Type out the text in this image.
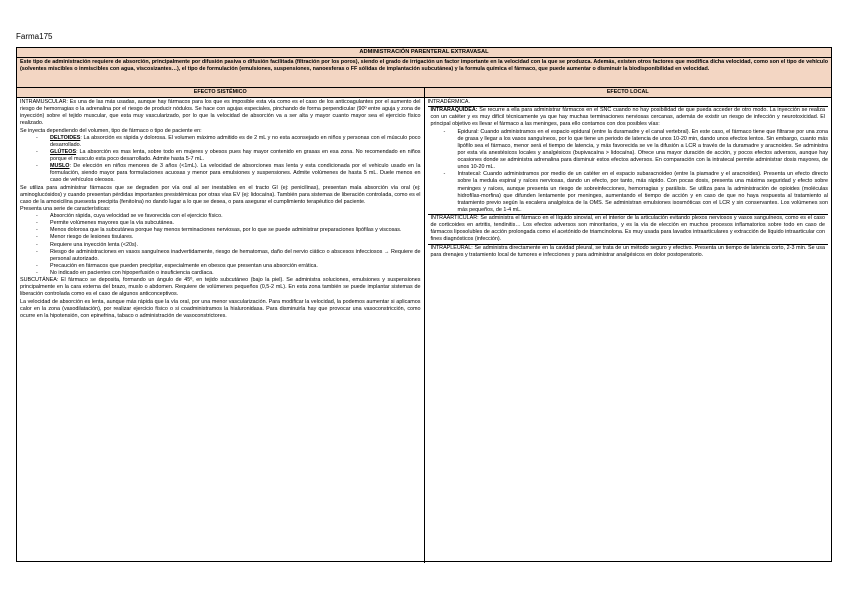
Farma175
ADMINISTRACIÓN PARENTERAL EXTRAVASAL
Este tipo de administración requiere de absorción, principalmente por difusión pasiva o difusión facilitada (filtración por los poros), siendo el grado de irrigación un factor importante en la velocidad con la que se produzca. Además, existen otros factores que modifica dicha velocidad, como son el tipo de vehículo (solventes miscibles o inmiscibles con agua, viscosizantes…), el tipo de formulación (emulsiones, suspensiones, nanoesferas o FF sólidas de implantación subcutánea) y la formula química el fármaco, que puede aumentar o disminuir la biodisponibilidad en velocidad.
EFECTO SISTÉMICO	EFECTO LOCAL

INTRAMUSCULAR: Es una de las más usadas, aunque hay fármacos para los que es imposible esta vía como es el caso de los anticoagulantes por el aumento del riesgo de hemorragias o la adrenalina por el riesgo de producir nódulos. Se hace con agujas especiales, pinchando de forma perpendicular (90º entre aguja y zona de inyección) sobre el tejido muscular, que esta muy vascularizado, por lo que la velocidad de absorción va a ser alta y mayor cuanto mayor sea el ejercicio físico realizado.

Se inyecta dependiendo del volumen, tipo de fármaco o tipo de paciente en:

- DELTOIDES: La absorción es rápida y dolorosa. El volumen máximo admitido es de 2 mL y no esta aconsejado en niños y personas con el músculo poco desarrollado.
- GLÚTEOS: La absorción es mas lenta, sobre todo en mujeres y obesos pues hay mayor contenido en grasas en esa zona. No recomendado en niños porque el musculo esta poco desarrollado. Admite hasta 5-7 mL.
- MUSLO: De elección en niños menores de 3 años (<1mL). La velocidad de absorciones mas lenta y esta condicionada por el vehiculo usado en la formulación, siendo mayor para formulaciones acuosas y menor para emulsiones y suspensiones. Admite volúmenes de hasta 5 mL. Duele menos en caso de vehículos oleosos.

Se utiliza para administrar fármacos que se degraden por vía oral al ser inestables en el tracto GI (ej: penicilinas), presentan mala absorción vía oral (ej: aminoglucósidos) y cuando presentan pérdidas importantes presistémicas por otras vías EV (ej: lidocaína). También para sistemas de liberación controlada, como es el caso de la amoxicilina puesesta precipita (fenitoína) no dando lugar a lo que se desea, o para asegurar el cumplimiento terapéutico del paciente.

Presenta una serie de características:

- Absorción rápida, cuya velocidad se ve favorecida con el ejercicio físico.
- Permite volúmenes mayores que la vía subcutánea.
- Menos dolorosa que la subcutánea porque hay menos terminaciones nerviosas, por lo que se puede administrar preparaciones lipófilas y viscosas.
- Menor riesgo de lesiones tisulares.
- Requiere una inyección lenta (<20s).
- Riesgo de administraciones en vasos sanguíneos inadvertidamente, riesgo de hematomas, daño del nervio ciático o abscesos infecciosos → Requiere de personal autorizado.
- Precaución en fármacos que pueden precipitar, especialmente en obesos que presentan una absorción errática.
- No indicado en pacientes con hipoperfusión o insuficiencia cardíaca.

SUBCUTÁNEA: El fármaco se deposita, formando un ángulo de 45º, en tejido subcutáneo (bajo la piel). Se administra soluciones, emulsiones y suspensiones principalmente en la cara externa del brazo, muslo o abdomen. Requiere de volúmenes pequeños (0,5-2 mL). En esta zona también se puede implantar sistemas de liberación controlada como es el caso de algunos anticonceptivos.

La velocidad de absorción es lenta, aunque más rápida que la vía oral, por una menor vascularización. Para modificar la velocidad, la podemos aumentar si aplicamos calor en la zona (vasodilatación), por realizar ejercicio físico o si coadministramos la hialuronidasa. Para disminuirla hay que provocar una vasoconstricción, como ocurre en la hipotensión, con epinefrina, tabaco o administración de vasoconstrictores.

INTRADÉRMICA.

INTRARAQUÍDEA: Se recurre a ella para administrar fármacos en el SNC cuando no hay posibilidad de que pueda acceder de otro modo. La inyección se realiza con un catéter y es muy difícil técnicamente ya que hay muchas terminaciones nerviosas cercanas, además de existir un riesgo de infección y neurotoxicidad. El principal objetivo es llevar el fármaco a las meninges, para ello contamos con dos posibles vías:

- Epidural: Cuando administramos en el espacio epidural (entre la duramadre y el canal vertebral). En este caso, el fármaco tiene que filtrarse por una zona de grasa y llegar a los vasos sanguíneos, por lo que tiene un periodo de latencia de unos 10-20 min, dando unos efectos lentos. Sin embargo, cuanto más lipófilo sea el fármaco, menor será el tiempo de latencia, y más favorecida se ve la difusión a LCR a través de la duramadre y aracnoides. Se administra por esta vía anestésicos locales y analgésicos (bupivacaína > lidocaína). Ofrece una mayor duración de acción, y pocos efectos adversos, aunque hay ocasiones donde se administra adrenalina para disminuir estos efectos adversos. En comparación con la intratecal permite administrar dosis mayores, de unos 10-20 mL.
- Intratecal: Cuando administramos por medio de un catéter en el espacio subaracnoideo (entre la piamadre y el aracnoides). Presenta un efecto directo sobre la medula espinal y raíces nerviosas, dando un efecto, por tanto, más rápido. Con pocas dosis, presenta una máxima seguridad y efecto sobre meninges y raíces, aunque presenta un riesgo de sobreinfecciones, hemorragias y parálisis. Se utiliza para la administración de opioides (moléculas hidrofílas-morfina) que difunden lentamente por meninges, aumentando el tiempo de acción y en caso de que no haya respuesta al tratamiento al tratamiento previo según la escalera analgésica de la OMS. Se administran emulsiones isosmóticas con el LCR y sin conservantes. Los volúmenes son más pequeños, de 1-4 mL.

INTRAARTICULAR: Se administra el fármaco en el líquido sinovial, en el interior de la articulación evitando plexos nerviosos y vasos sanguíneos, como es el caso de corticoides en artritis, tendinitis… Los efectos adversos son minoritarios, y es la vía de elección en muchos procesos inflamatorios sobre todo en caso de fármacos liposolubles de acción prolongada como el acetónido de triamcinolona. Es muy usada para lavados intraarticulares y extracción de líquido intraarticular con fines diagnósticos (infección).

INTRAPLEURAL: Se administra directamente en la cavidad pleural, se trata de un método seguro y efectivo. Presenta un tiempo de latencia corto, 2-3 min. Se usa para drenajes y tratamiento local de tumores e infecciones y para administrar analgésicos en dolor postoperatorio.
